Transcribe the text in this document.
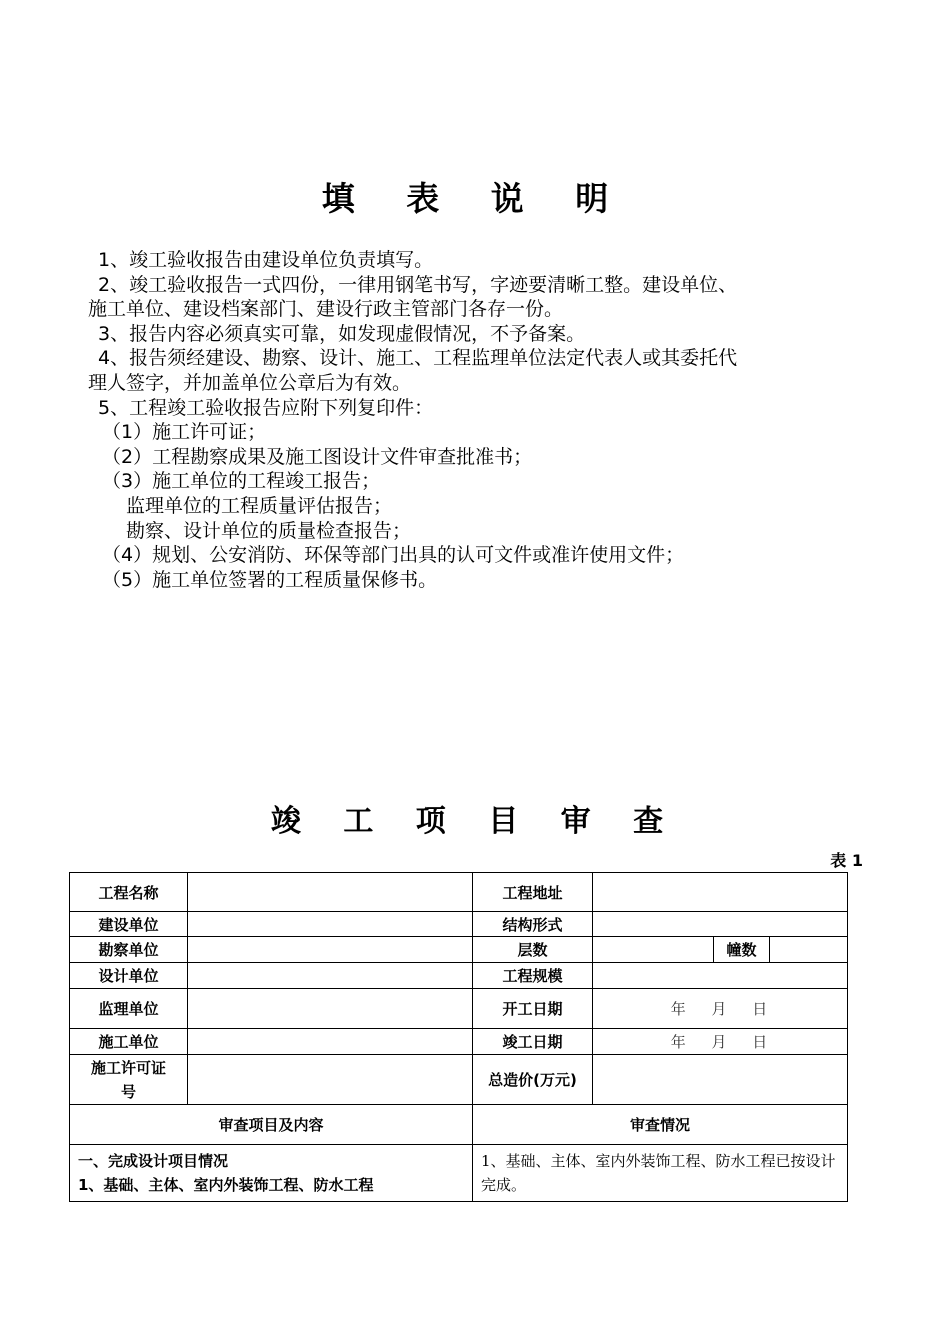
填 表 说 明
1、竣工验收报告由建设单位负责填写。
2、竣工验收报告一式四份，一律用钢笔书写，字迹要清晰工整。建设单位、
施工单位、建设档案部门、建设行政主管部门各存一份。
3、报告内容必须真实可靠，如发现虚假情况，不予备案。
4、报告须经建设、勘察、设计、施工、工程监理单位法定代表人或其委托代
理人签字，并加盖单位公章后为有效。
5、工程竣工验收报告应附下列复印件：
（1）施工许可证；
（2）工程勘察成果及施工图设计文件审查批准书；
（3）施工单位的工程竣工报告；
监理单位的工程质量评估报告；
勘察、设计单位的质量检查报告；
（4）规划、公安消防、环保等部门出具的认可文件或准许使用文件；
（5）施工单位签署的工程质量保修书。
竣 工 项 目 审 查
表 1
工程名称		工程地址	
建设单位		结构形式	
勘察单位		层数	幢数

设计单位		工程规模	
监理单位		开工日期	年　 月　 日
施工单位		竣工日期	年　 月　 日
施工许可证号		总造价(万元)	
审查项目及内容		审查情况	

一、完成设计项目情况
1、基础、主体、室内外装饰工程、防水工程		1、基础、主体、室内外装饰工程、防水工程已按设计完成。	
